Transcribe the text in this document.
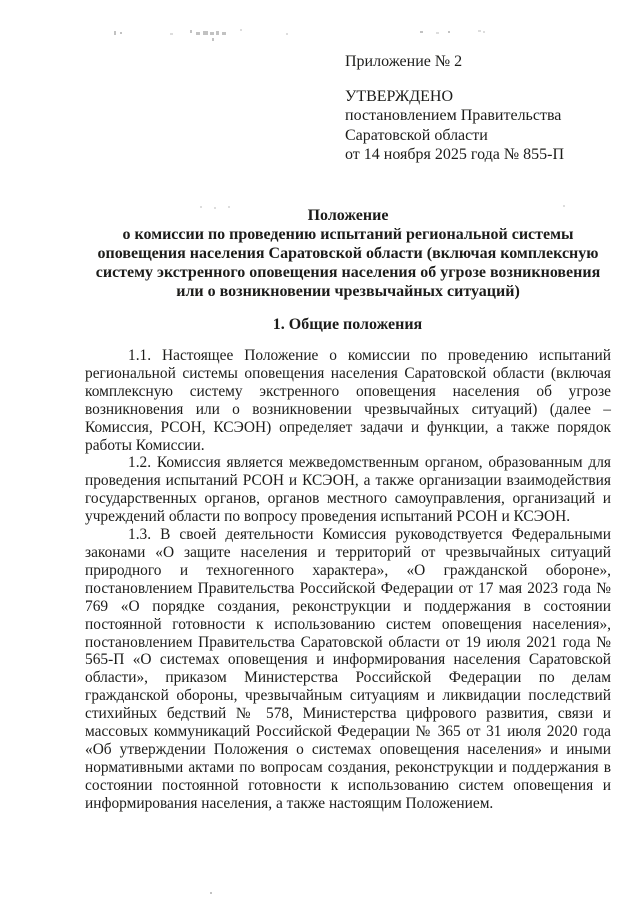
Приложение № 2
УТВЕРЖДЕНО
постановлением Правительства
Саратовской области
от 14 ноября 2025 года № 855-П
Положение
о комиссии по проведению испытаний региональной системы
оповещения населения Саратовской области (включая комплексную
систему экстренного оповещения населения об угрозе возникновения
или о возникновении чрезвычайных ситуаций)
1. Общие положения

1.1. Настоящее Положение о комиссии по проведению испытаний региональной системы оповещения населения Саратовской области (включая комплексную систему экстренного оповещения населения об угрозе возникновения или о возникновении чрезвычайных ситуаций) (далее – Комиссия, РСОН, КСЭОН) определяет задачи и функции, а также порядок работы Комиссии.

1.2. Комиссия является межведомственным органом, образованным для проведения испытаний РСОН и КСЭОН, а также организации взаимодействия государственных органов, органов местного самоуправления, организаций и учреждений области по вопросу проведения испытаний РСОН и КСЭОН.

1.3. В своей деятельности Комиссия руководствуется Федеральными законами «О защите населения и территорий от чрезвычайных ситуаций природного и техногенного характера», «О гражданской обороне», постановлением Правительства Российской Федерации от 17 мая 2023 года № 769 «О порядке создания, реконструкции и поддержания в состоянии постоянной готовности к использованию систем оповещения населения», постановлением Правительства Саратовской области от 19 июля 2021 года № 565-П «О системах оповещения и информирования населения Саратовской области», приказом Министерства Российской Федерации по делам гражданской обороны, чрезвычайным ситуациям и ликвидации последствий стихийных бедствий № 578, Министерства цифрового развития, связи и массовых коммуникаций Российской Федерации № 365 от 31 июля 2020 года «Об утверждении Положения о системах оповещения населения» и иными нормативными актами по вопросам создания, реконструкции и поддержания в состоянии постоянной готовности к использованию систем оповещения и информирования населения, а также настоящим Положением.
